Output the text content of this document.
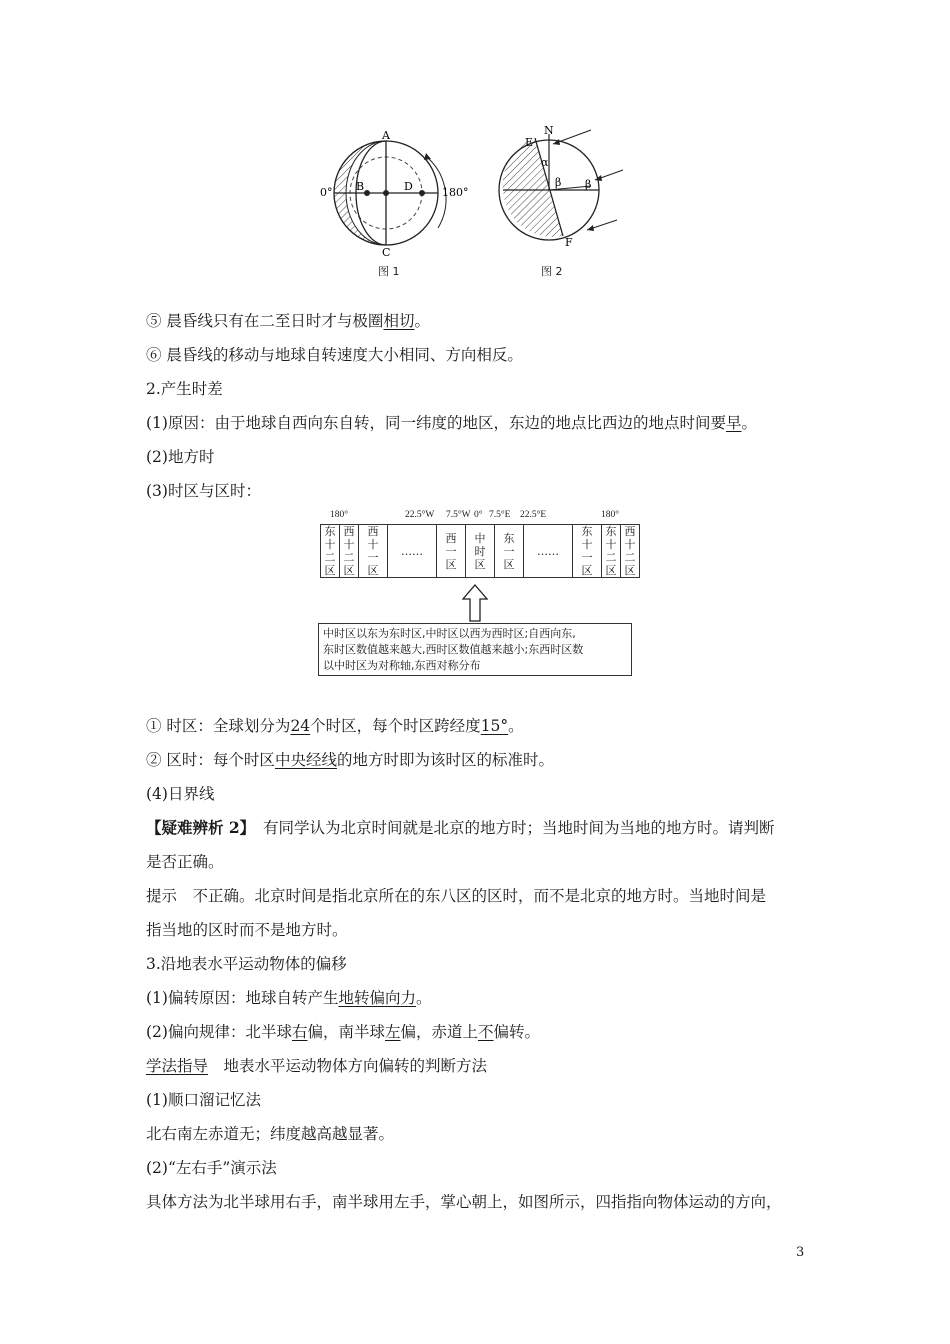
A
B
C
D
0°	180°
图 1
N
E
F
α
β β
图 2
⑤ 晨昏线只有在二至日时才与极圈相切。
⑥ 晨昏线的移动与地球自转速度大小相同、方向相反。
2.产生时差
(1)原因：由于地球自西向东自转，同一纬度的地区，东边的地点比西边的地点时间要早。
(2)地方时
(3)时区与区时：
180°	22.5°W 7.5°W 0° 7.5°E 22.5°E	180°
东
十
二
区

西
十
二
区

西
十
一
区
	……	
西
一
区

中
时
区

东
一
区
	……	
东
十
一
区

东
十
二
区

西
十
二
区
中时区以东为东时区,中时区以西为西时区;自西向东,
东时区数值越来越大,西时区数值越来越小;东西时区数
以中时区为对称轴,东西对称分布
① 时区：全球划分为24个时区，每个时区跨经度15°。
② 区时：每个时区中央经线的地方时即为该时区的标准时。
(4)日界线
【疑难辨析 2】　有同学认为北京时间就是北京的地方时；当地时间为当地的地方时。请判断
是否正确。
提示　不正确。北京时间是指北京所在的东八区的区时，而不是北京的地方时。当地时间是
指当地的区时而不是地方时。
3.沿地表水平运动物体的偏移
(1)偏转原因：地球自转产生地转偏向力。
(2)偏向规律：北半球右偏，南半球左偏，赤道上不偏转。
学法指导　地表水平运动物体方向偏转的判断方法
(1)顺口溜记忆法
北右南左赤道无；纬度越高越显著。
(2)“左右手”演示法
具体方法为北半球用右手，南半球用左手，掌心朝上，如图所示，四指指向物体运动的方向，
3
